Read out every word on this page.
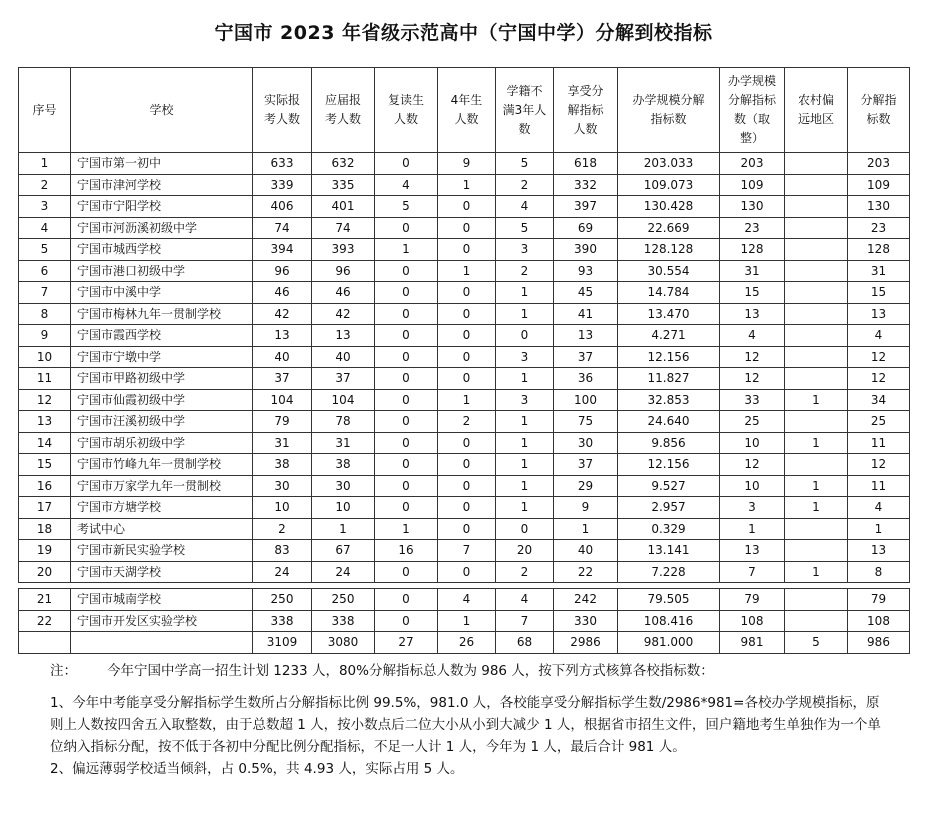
宁国市 2023 年省级示范高中（宁国中学）分解到校指标
序号	学校	实际报考人数	应届报考人数	复读生人数	4年生人数	学籍不满3年人数	享受分解指标人数	办学规模分解指标数	办学规模分解指标数（取整）	农村偏远地区	分解指标数
1	宁国市第一初中	633	632	0	9	5	618	203.033	203		203
2	宁国市津河学校	339	335	4	1	2	332	109.073	109		109
3	宁国市宁阳学校	406	401	5	0	4	397	130.428	130		130
4	宁国市河沥溪初级中学	74	74	0	0	5	69	22.669	23		23
5	宁国市城西学校	394	393	1	0	3	390	128.128	128		128
6	宁国市港口初级中学	96	96	0	1	2	93	30.554	31		31
7	宁国市中溪中学	46	46	0	0	1	45	14.784	15		15
8	宁国市梅林九年一贯制学校	42	42	0	0	1	41	13.470	13		13
9	宁国市霞西学校	13	13	0	0	0	13	4.271	4		4
10	宁国市宁墩中学	40	40	0	0	3	37	12.156	12		12
11	宁国市甲路初级中学	37	37	0	0	1	36	11.827	12		12
12	宁国市仙霞初级中学	104	104	0	1	3	100	32.853	33	1	34
13	宁国市汪溪初级中学	79	78	0	2	1	75	24.640	25		25
14	宁国市胡乐初级中学	31	31	0	0	1	30	9.856	10	1	11
15	宁国市竹峰九年一贯制学校	38	38	0	0	1	37	12.156	12		12
16	宁国市万家学九年一贯制校	30	30	0	0	1	29	9.527	10	1	11
17	宁国市方塘学校	10	10	0	0	1	9	2.957	3	1	4
18	考试中心	2	1	1	0	0	1	0.329	1		1
19	宁国市新民实验学校	83	67	16	7	20	40	13.141	13		13
20	宁国市天湖学校	24	24	0	0	2	22	7.228	7	1	8

21	宁国市城南学校	250	250	0	4	4	242	79.505	79		79
22	宁国市开发区实验学校	338	338	0	1	7	330	108.416	108		108
		3109	3080	27	26	68	2986	981.000	981	5	986

注： 今年宁国中学高一招生计划 1233 人，80%分解指标总人数为 986 人，按下列方式核算各校指标数：

1、今年中考能享受分解指标学生数所占分解指标比例 99.5%，981.0 人，各校能享受分解指标学生数/2986*981=各校办学规模指标，原则上人数按四舍五入取整数，由于总数超 1 人，按小数点后二位大小从小到大减少 1 人，根据省市招生文件，回户籍地考生单独作为一个单位纳入指标分配，按不低于各初中分配比例分配指标，不足一人计 1 人，今年为 1 人，最后合计 981 人。

2、偏远薄弱学校适当倾斜，占 0.5%，共 4.93 人，实际占用 5 人。
